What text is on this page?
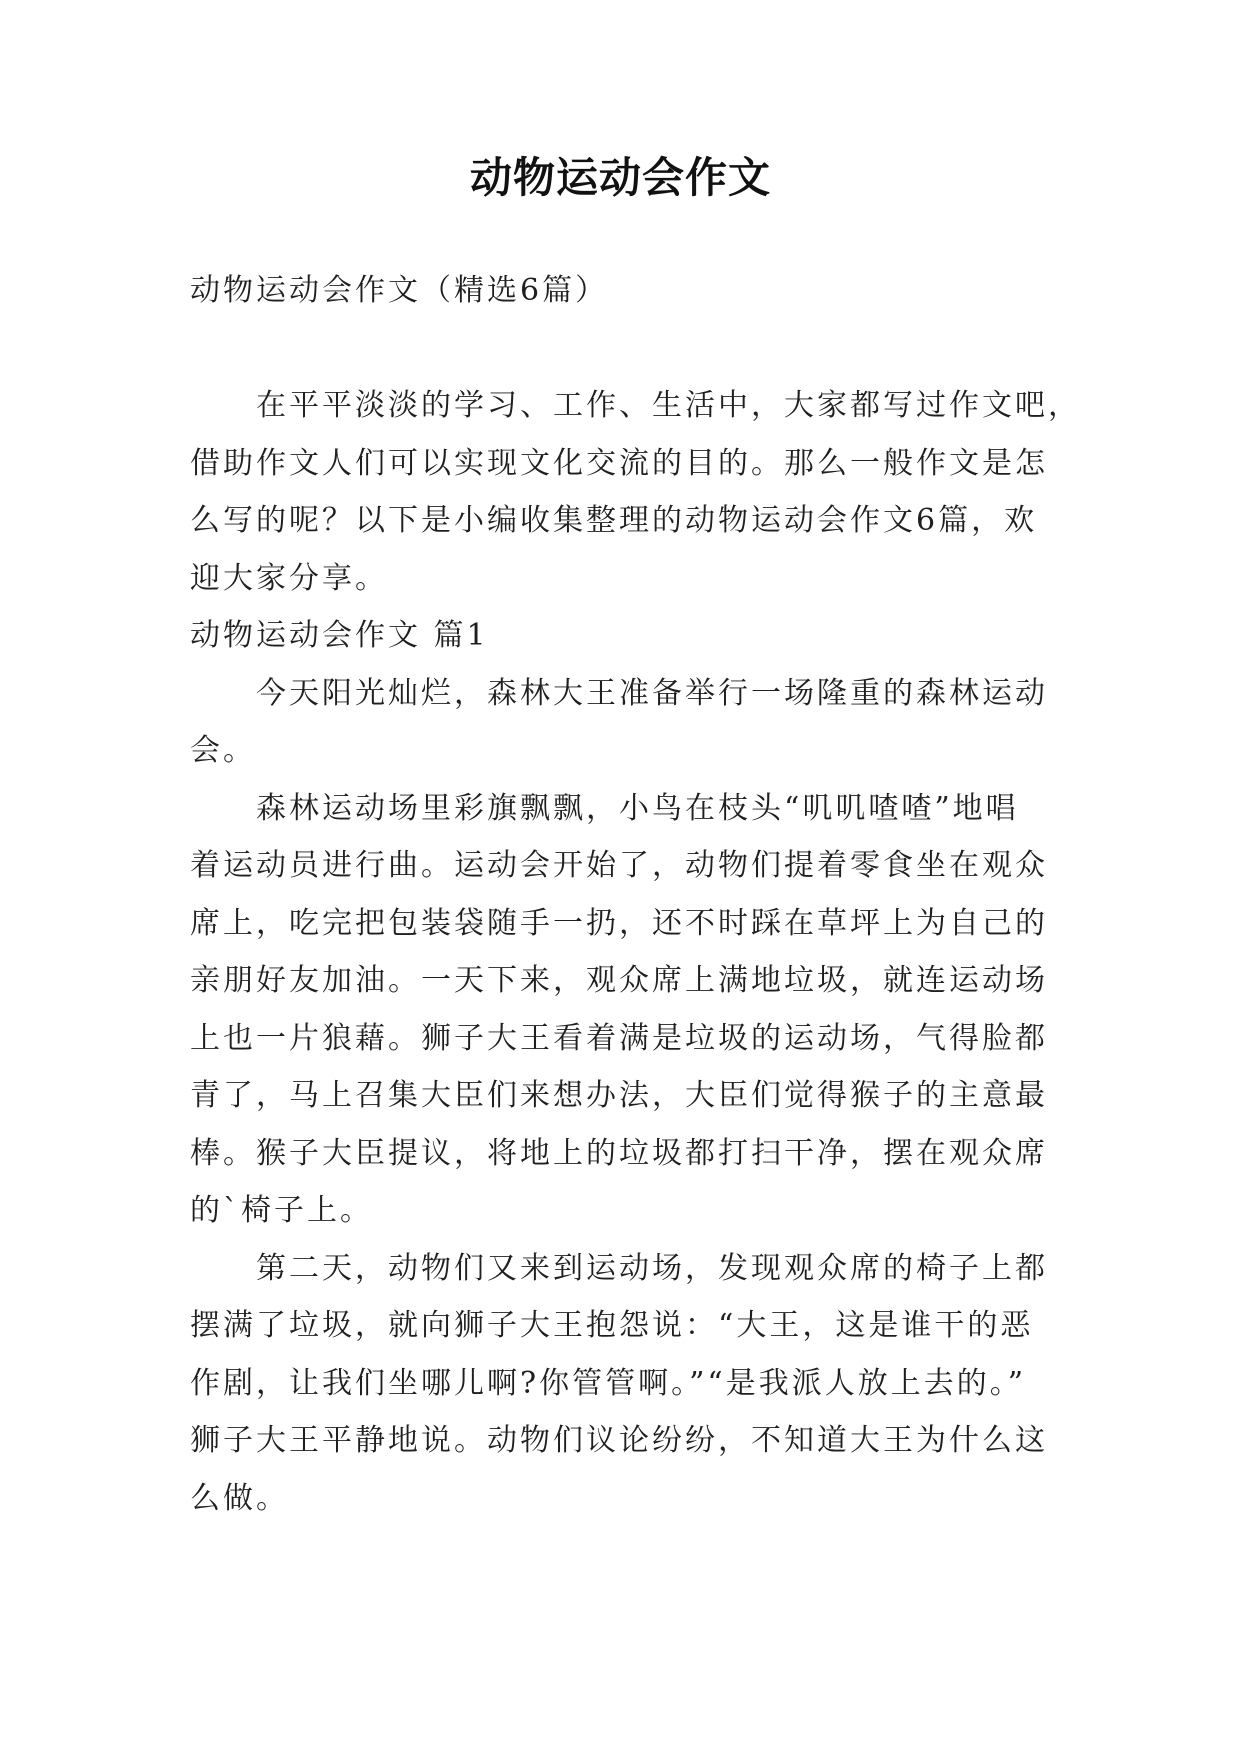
动物运动会作文

动物运动会作文（精选6篇）

在平平淡淡的学习、工作、生活中，大家都写过作文吧，

借助作文人们可以实现文化交流的目的。那么一般作文是怎

么写的呢？以下是小编收集整理的动物运动会作文6篇，欢

迎大家分享。

动物运动会作文 篇1

今天阳光灿烂，森林大王准备举行一场隆重的森林运动

会。

森林运动场里彩旗飘飘，小鸟在枝头“叽叽喳喳”地唱

着运动员进行曲。运动会开始了，动物们提着零食坐在观众

席上，吃完把包装袋随手一扔，还不时踩在草坪上为自己的

亲朋好友加油。一天下来，观众席上满地垃圾，就连运动场

上也一片狼藉。狮子大王看着满是垃圾的运动场，气得脸都

青了，马上召集大臣们来想办法，大臣们觉得猴子的主意最

棒。猴子大臣提议，将地上的垃圾都打扫干净，摆在观众席

的`椅子上。

第二天，动物们又来到运动场，发现观众席的椅子上都

摆满了垃圾，就向狮子大王抱怨说：“大王，这是谁干的恶

作剧，让我们坐哪儿啊?你管管啊。”“是我派人放上去的。”

狮子大王平静地说。动物们议论纷纷，不知道大王为什么这

么做。
